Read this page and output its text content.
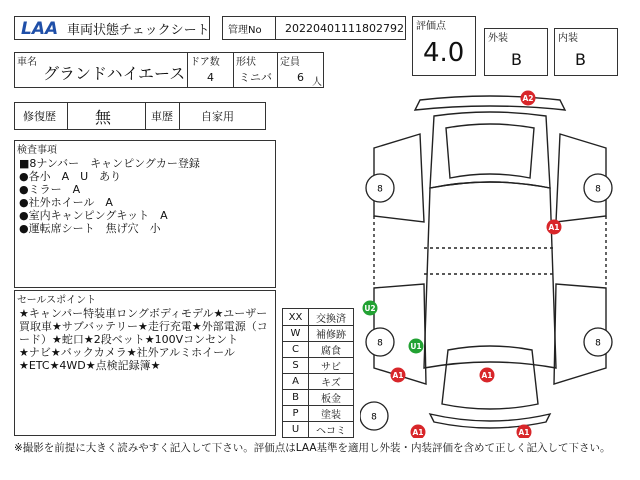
LAA 車両状態チェックシート 管理No 20220401111802792 評価点
4.0 外装
B
内装
B
車名
グランドハイエース
ドア数
4
形状
ミニバ
定員
6 人
修復歴 無	車歴	自家用
検査事項
■8ナンバー　キャンピングカー登録
●各小　A　U　あり
●ミラー　A
●社外ホイール　A
●室内キャンピングキット　A
●運転席シート　焦げ穴　小
セールスポイント
★キャンパー特装車ロングボディモデル★ユーザー
買取車★サブバッテリー★走行充電★外部電源（コ
ード）★蛇口★2段ベット★100Vコンセント
★ナビ★バックカメラ★社外アルミホイール
★ETC★4WD★点検記録簿★
XX	交換済
W	補修跡
C	腐食
S	サビ
A	キズ
B	板金
P	塗装
U	ヘコミ
8	8
8	8
8
A2
A1
U2
U1
A1	A1
A1	A1
※撮影を前提に大きく読みやすく記入して下さい。評価点はLAA基準を適用し外装・内装評価を含めて正しく記入して下さい。
